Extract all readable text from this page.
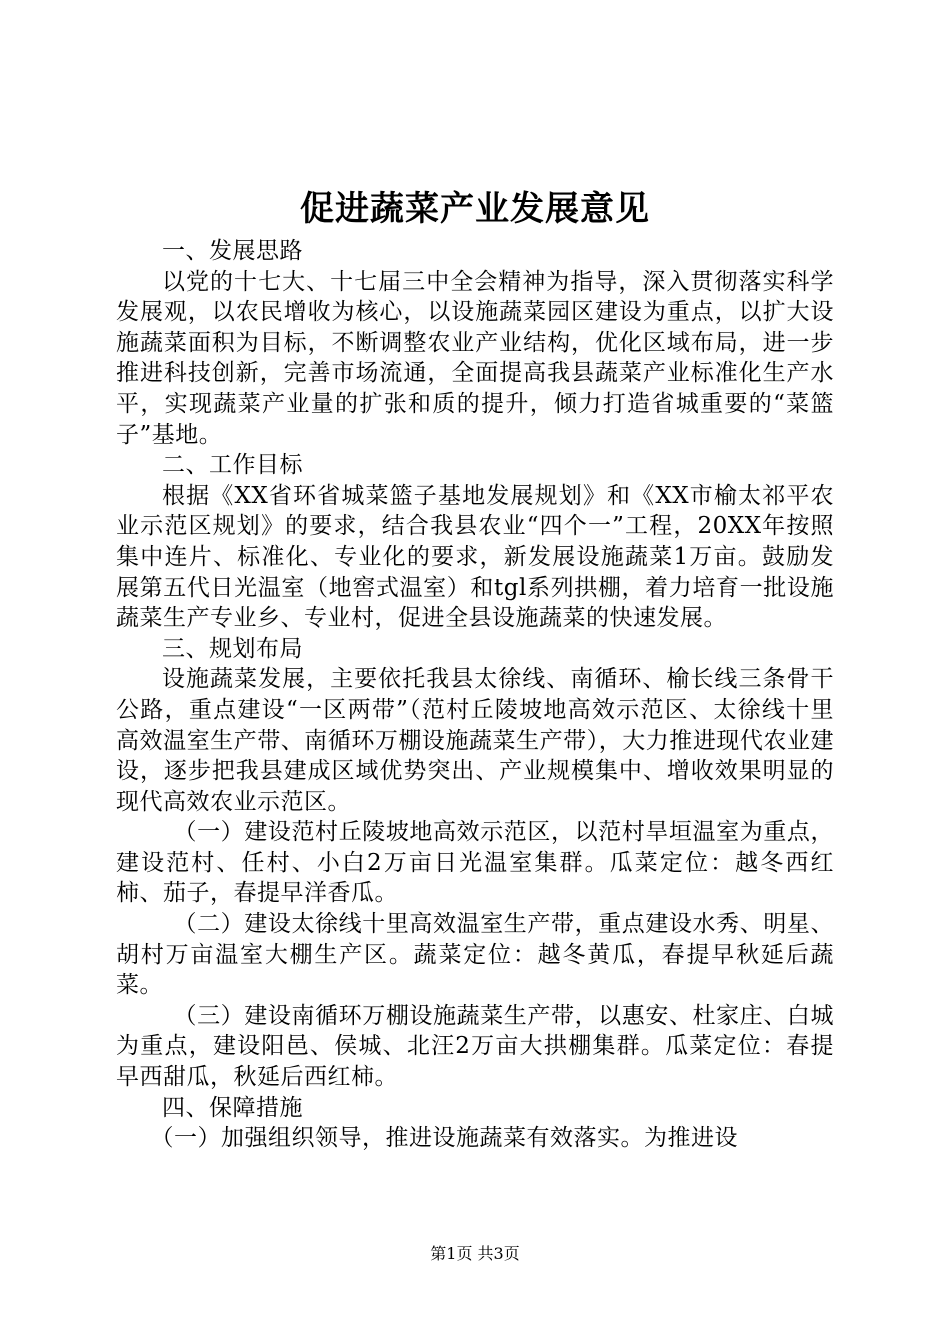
促进蔬菜产业发展意见

一、发展思路

以党的十七大、十七届三中全会精神为指导，深入贯彻落实科学发展观，以农民增收为核心，以设施蔬菜园区建设为重点，以扩大设施蔬菜面积为目标，不断调整农业产业结构，优化区域布局，进一步推进科技创新，完善市场流通，全面提高我县蔬菜产业标准化生产水平，实现蔬菜产业量的扩张和质的提升，倾力打造省城重要的“菜篮子”基地。

二、工作目标

根据《XX省环省城菜篮子基地发展规划》和《XX市榆太祁平农业示范区规划》的要求，结合我县农业“四个一”工程，20XX年按照集中连片、标准化、专业化的要求，新发展设施蔬菜1万亩。鼓励发展第五代日光温室（地窖式温室）和tgl系列拱棚，着力培育一批设施蔬菜生产专业乡、专业村，促进全县设施蔬菜的快速发展。

三、规划布局

设施蔬菜发展，主要依托我县太徐线、南循环、榆长线三条骨干公路，重点建设“一区两带”（范村丘陵坡地高效示范区、太徐线十里高效温室生产带、南循环万棚设施蔬菜生产带），大力推进现代农业建设，逐步把我县建成区域优势突出、产业规模集中、增收效果明显的现代高效农业示范区。

（一）建设范村丘陵坡地高效示范区，以范村旱垣温室为重点，建设范村、任村、小白2万亩日光温室集群。瓜菜定位：越冬西红柿、茄子，春提早洋香瓜。

（二）建设太徐线十里高效温室生产带，重点建设水秀、明星、胡村万亩温室大棚生产区。蔬菜定位：越冬黄瓜，春提早秋延后蔬菜。

（三）建设南循环万棚设施蔬菜生产带，以惠安、杜家庄、白城为重点，建设阳邑、侯城、北汪2万亩大拱棚集群。瓜菜定位：春提早西甜瓜，秋延后西红柿。

四、保障措施

（一）加强组织领导，推进设施蔬菜有效落实。为推进设

第1页 共3页
